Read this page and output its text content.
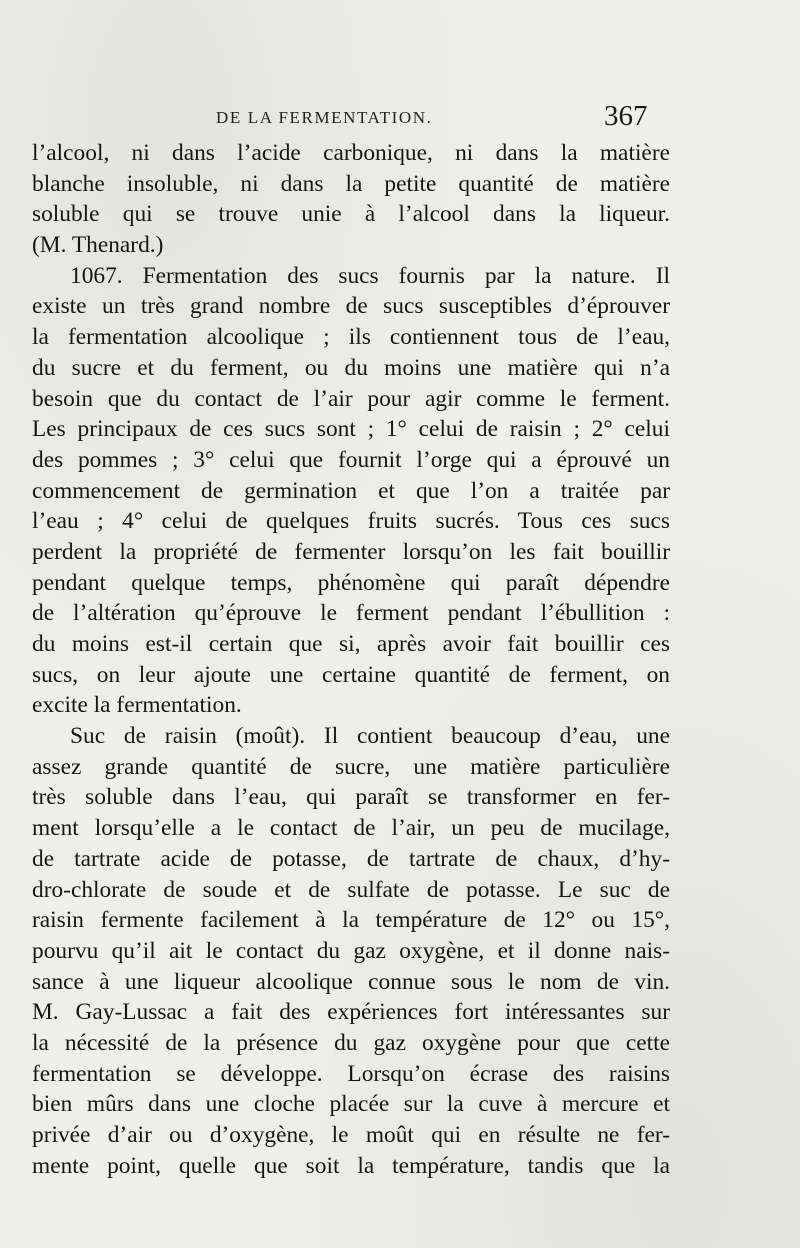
DE LA FERMENTATION.	367
l’alcool, ni dans l’acide carbonique, ni dans la matière
blanche insoluble, ni dans la petite quantité de matière
soluble qui se trouve unie à l’alcool dans la liqueur.
(M. Thenard.)
1067. Fermentation des sucs fournis par la nature. Il
existe un très grand nombre de sucs susceptibles d’éprouver
la fermentation alcoolique ; ils contiennent tous de l’eau,
du sucre et du ferment, ou du moins une matière qui n’a
besoin que du contact de l’air pour agir comme le ferment.
Les principaux de ces sucs sont ; 1° celui de raisin ; 2° celui
des pommes ; 3° celui que fournit l’orge qui a éprouvé un
commencement de germination et que l’on a traitée par
l’eau ; 4° celui de quelques fruits sucrés. Tous ces sucs
perdent la propriété de fermenter lorsqu’on les fait bouillir
pendant quelque temps, phénomène qui paraît dépendre
de l’altération qu’éprouve le ferment pendant l’ébullition :
du moins est-il certain que si, après avoir fait bouillir ces
sucs, on leur ajoute une certaine quantité de ferment, on
excite la fermentation.
Suc de raisin (moût). Il contient beaucoup d’eau, une
assez grande quantité de sucre, une matière particulière
très soluble dans l’eau, qui paraît se transformer en fer-
ment lorsqu’elle a le contact de l’air, un peu de mucilage,
de tartrate acide de potasse, de tartrate de chaux, d’hy-
dro-chlorate de soude et de sulfate de potasse. Le suc de
raisin fermente facilement à la température de 12° ou 15°,
pourvu qu’il ait le contact du gaz oxygène, et il donne nais-
sance à une liqueur alcoolique connue sous le nom de vin.
M. Gay-Lussac a fait des expériences fort intéressantes sur
la nécessité de la présence du gaz oxygène pour que cette
fermentation se développe. Lorsqu’on écrase des raisins
bien mûrs dans une cloche placée sur la cuve à mercure et
privée d’air ou d’oxygène, le moût qui en résulte ne fer-
mente point, quelle que soit la température, tandis que la
